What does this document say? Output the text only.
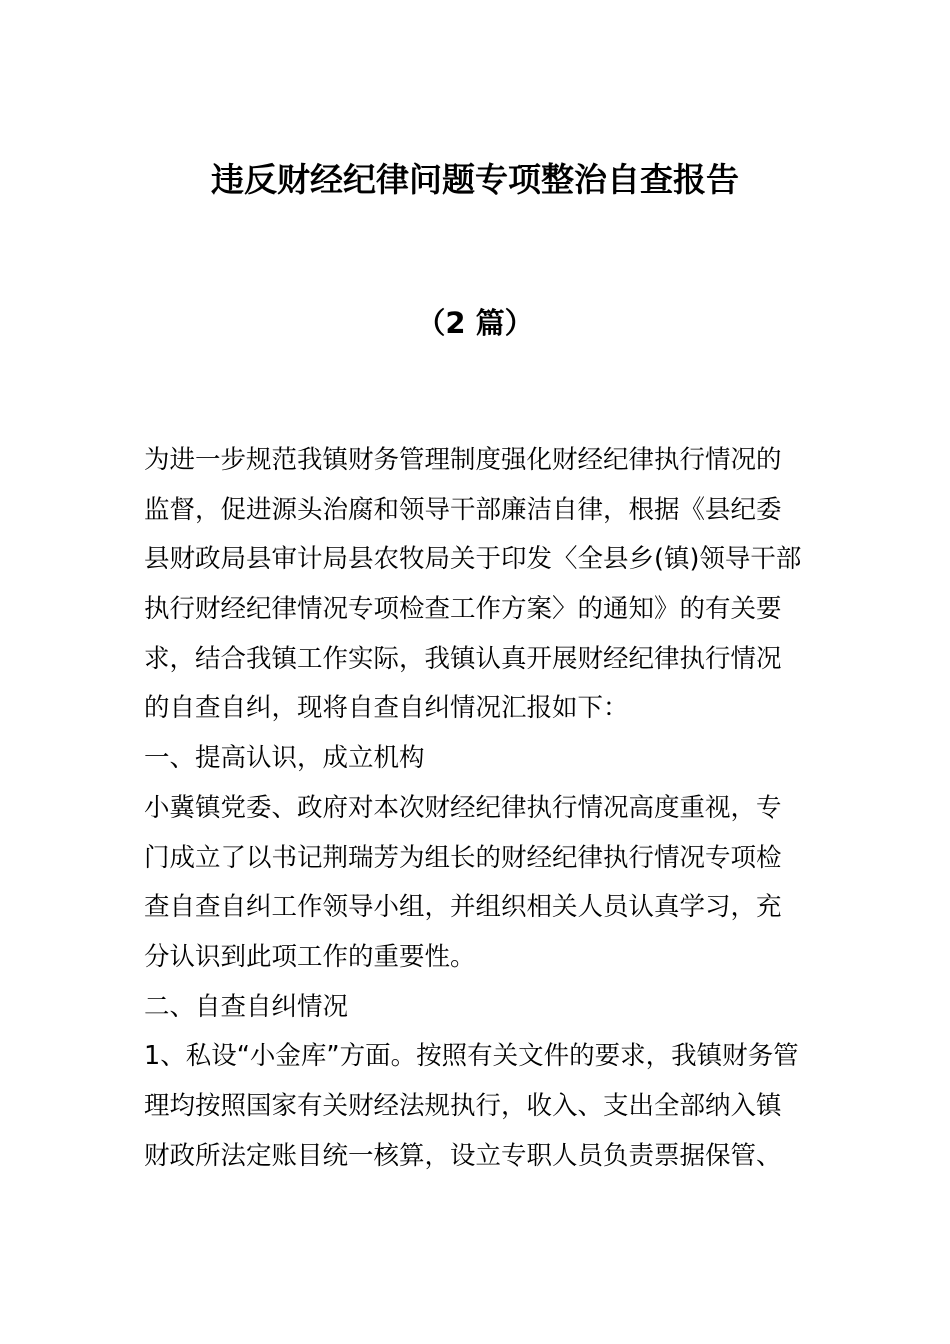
违反财经纪律问题专项整治自查报告
（2 篇）
为进一步规范我镇财务管理制度强化财经纪律执行情况的
监督，促进源头治腐和领导干部廉洁自律，根据《县纪委
县财政局县审计局县农牧局关于印发〈全县乡(镇)领导干部
执行财经纪律情况专项检查工作方案〉的通知》的有关要
求，结合我镇工作实际，我镇认真开展财经纪律执行情况
的自查自纠，现将自查自纠情况汇报如下：
一、提高认识，成立机构
小冀镇党委、政府对本次财经纪律执行情况高度重视，专
门成立了以书记荆瑞芳为组长的财经纪律执行情况专项检
查自查自纠工作领导小组，并组织相关人员认真学习，充
分认识到此项工作的重要性。
二、自查自纠情况
1、私设“小金库”方面。按照有关文件的要求，我镇财务管
理均按照国家有关财经法规执行，收入、支出全部纳入镇
财政所法定账目统一核算，设立专职人员负责票据保管、
